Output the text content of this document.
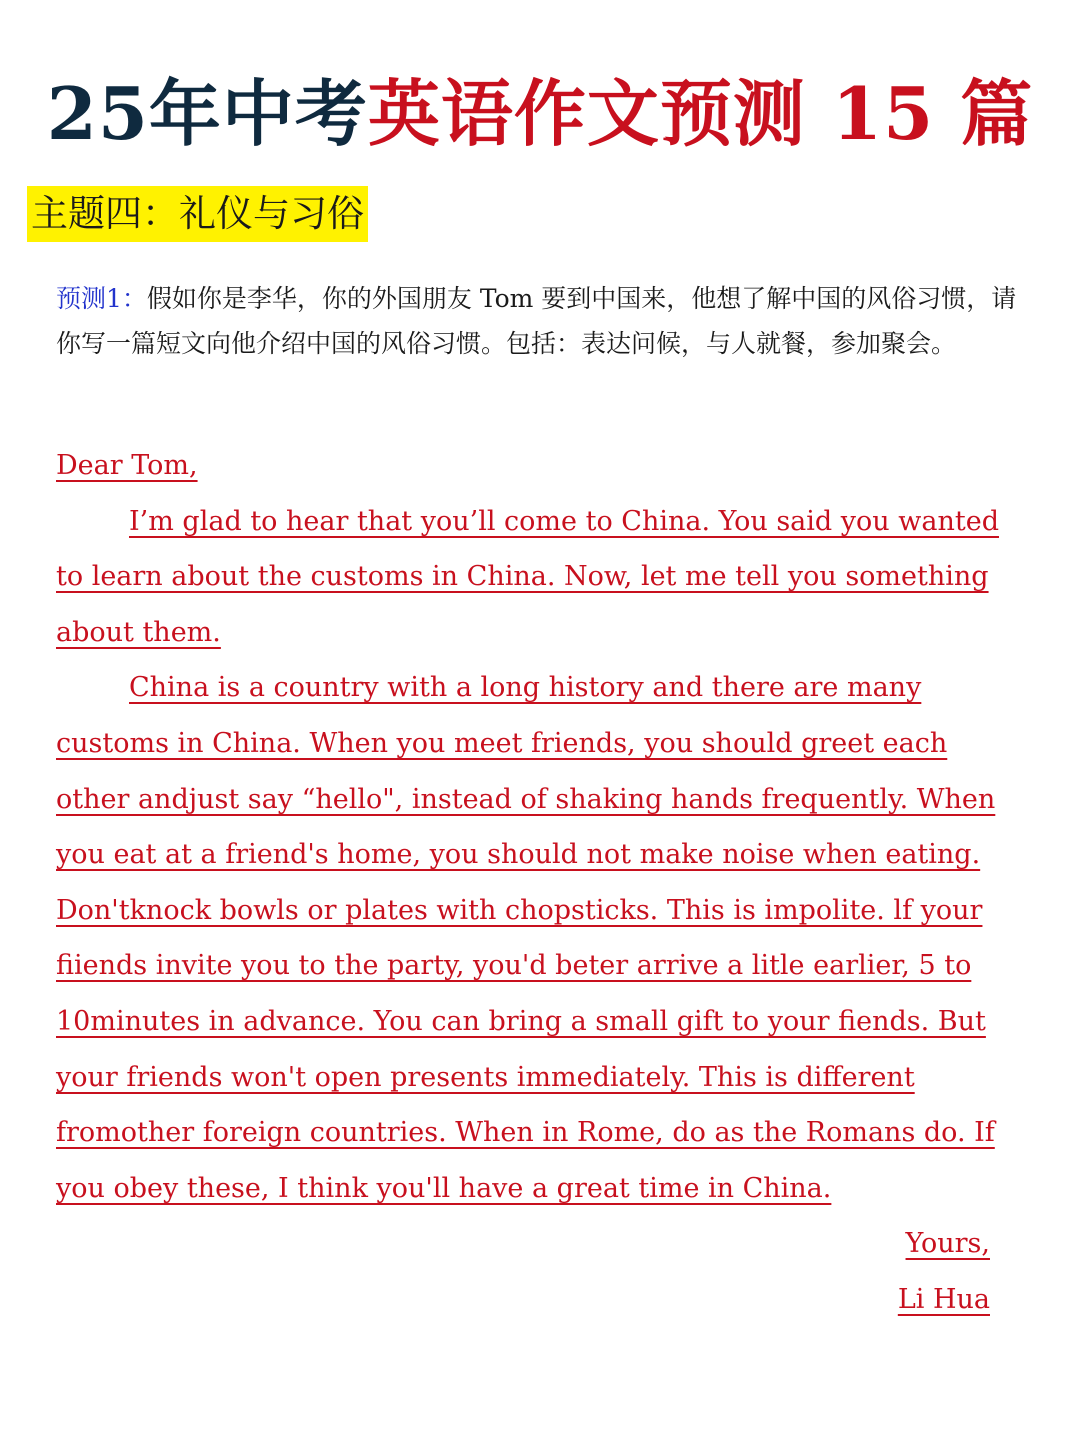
25年中考英语作文预测 15 篇
主题四：礼仪与习俗
预测1：假如你是李华，你的外国朋友 Tom 要到中国来，他想了解中国的风俗习惯，请你写一篇短文向他介绍中国的风俗习惯。包括：表达问候，与人就餐，参加聚会。

Dear Tom,

I’m glad to hear that you’ll come to China. You said you wanted to learn about the customs in China. Now, let me tell you something about them.

China is a country with a long history and there are many customs in China. When you meet friends, you should greet each other andjust say “hello", instead of shaking hands frequently. When you eat at a friend's home, you should not make noise when eating. Don'tknock bowls or plates with chopsticks. This is impolite. lf your fiiends invite you to the party, you'd beter arrive a litle earlier, 5 to 10minutes in advance. You can bring a small gift to your fiends. But your friends won't open presents immediately. This is different fromother foreign countries. When in Rome, do as the Romans do. If you obey these, I think you'll have a great time in China.

Yours,

Li Hua
